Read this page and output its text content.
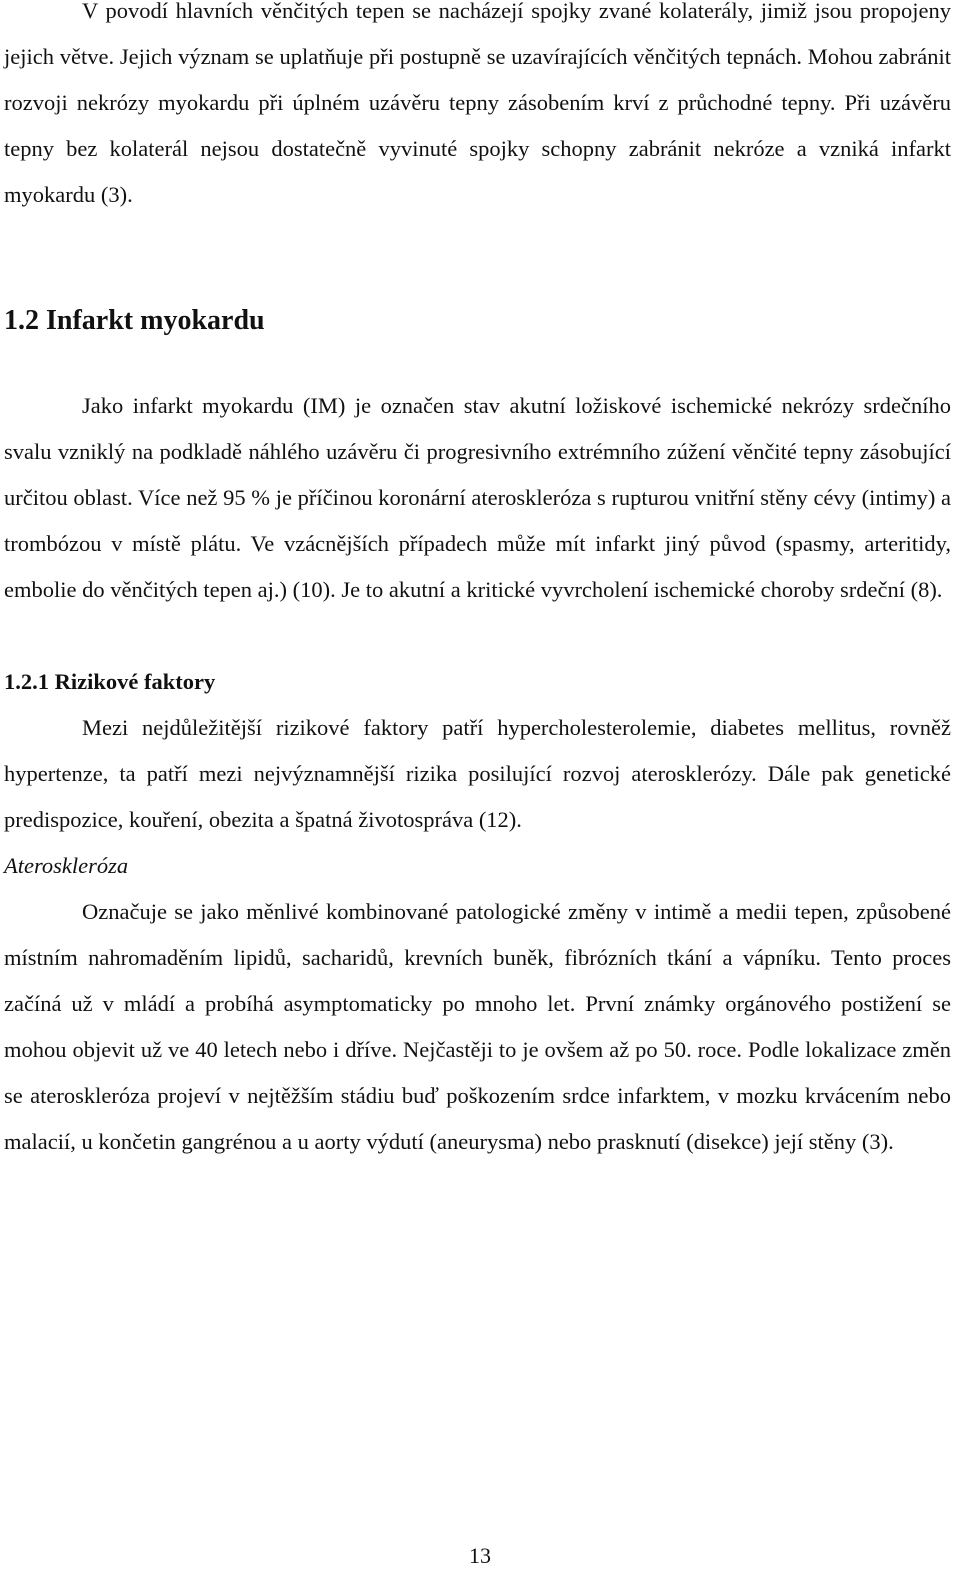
V povodí hlavních věnčitých tepen se nacházejí spojky zvané kolaterály, jimiž jsou propojeny jejich větve. Jejich význam se uplatňuje při postupně se uzavírajících věnčitých tepnách. Mohou zabránit rozvoji nekrózy myokardu při úplném uzávěru tepny zásobením krví z průchodné tepny. Při uzávěru tepny bez kolaterál nejsou dostatečně vyvinuté spojky schopny zabránit nekróze a vzniká infarkt myokardu (3).

1.2 Infarkt myokardu

Jako infarkt myokardu (IM) je označen stav akutní ložiskové ischemické nekrózy srdečního svalu vzniklý na podkladě náhlého uzávěru či progresivního extrémního zúžení věnčité tepny zásobující určitou oblast. Více než 95 % je příčinou koronární ateroskleróza s rupturou vnitřní stěny cévy (intimy) a trombózou v místě plátu. Ve vzácnějších případech může mít infarkt jiný původ (spasmy, arteritidy, embolie do věnčitých tepen aj.) (10). Je to akutní a kritické vyvrcholení ischemické choroby srdeční (8).

1.2.1 Rizikové faktory

Mezi nejdůležitější rizikové faktory patří hypercholesterolemie, diabetes mellitus, rovněž hypertenze, ta patří mezi nejvýznamnější rizika posilující rozvoj aterosklerózy. Dále pak genetické predispozice, kouření, obezita a špatná životospráva (12).

Ateroskleróza

Označuje se jako měnlivé kombinované patologické změny v intimě a medii tepen, způsobené místním nahromaděním lipidů, sacharidů, krevních buněk, fibrózních tkání a vápníku. Tento proces začíná už v mládí a probíhá asymptomaticky po mnoho let. První známky orgánového postižení se mohou objevit už ve 40 letech nebo i dříve. Nejčastěji to je ovšem až po 50. roce. Podle lokalizace změn se ateroskleróza projeví v nejtěžším stádiu buď poškozením srdce infarktem, v mozku krvácením nebo malacií, u končetin gangrénou a u aorty výdutí (aneurysma) nebo prasknutí (disekce) její stěny (3).

13
